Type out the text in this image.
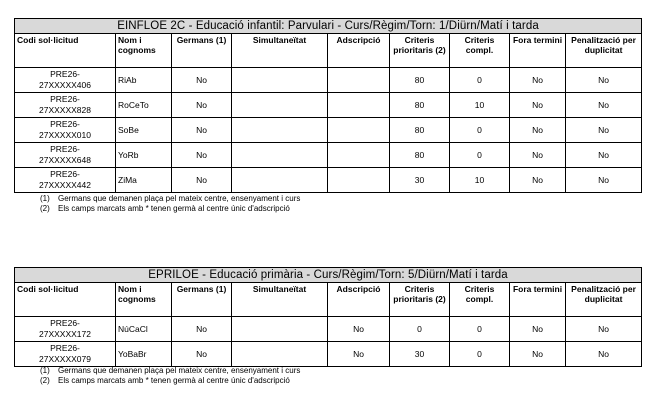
EINFLOE 2C - Educació infantil: Parvulari - Curs/Règim/Torn: 1/Diürn/Matí i tarda								
Codi sol·licitud	Nom i cognoms	Germans (1)	Simultaneïtat	Adscripció	Criteris prioritaris (2)	Criteris compl.	Fora termini	Penalització per duplicitat
PRE26-
27XXXXX406	RiAb	No			80	0	No	No
PRE26-
27XXXXX828	RoCeTo	No			80	10	No	No
PRE26-
27XXXXX010	SoBe	No			80	0	No	No
PRE26-
27XXXXX648	YoRb	No			80	0	No	No
PRE26-
27XXXXX442	ZiMa	No			30	10	No	No
(1) Germans que demanen plaça pel mateix centre, ensenyament i curs
(2) Els camps marcats amb * tenen germà al centre únic d'adscripció
EPRILOE - Educació primària - Curs/Règim/Torn: 5/Diürn/Matí i tarda								
Codi sol·licitud	Nom i cognoms	Germans (1)	Simultaneïtat	Adscripció	Criteris prioritaris (2)	Criteris compl.	Fora termini	Penalització per duplicitat
PRE26-
27XXXXX172	NúCaCl	No		No	0	0	No	No
PRE26-
27XXXXX079	YoBaBr	No		No	30	0	No	No
(1) Germans que demanen plaça pel mateix centre, ensenyament i curs
(2) Els camps marcats amb * tenen germà al centre únic d'adscripció
